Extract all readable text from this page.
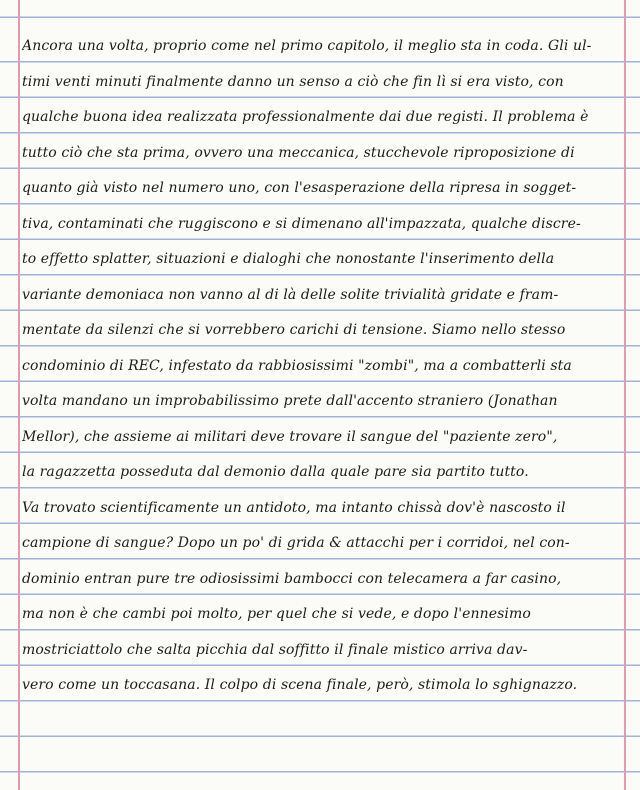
Ancora una volta, proprio come nel primo capitolo, il meglio sta in coda. Gli ul-
timi venti minuti finalmente danno un senso a ciò che fin lì si era visto, con
qualche buona idea realizzata professionalmente dai due registi. Il problema è
tutto ciò che sta prima, ovvero una meccanica, stucchevole riproposizione di
quanto già visto nel numero uno, con l'esasperazione della ripresa in sogget-
tiva, contaminati che ruggiscono e si dimenano all'impazzata, qualche discre-
to effetto splatter, situazioni e dialoghi che nonostante l'inserimento della
variante demoniaca non vanno al di là delle solite trivialità gridate e fram-
mentate da silenzi che si vorrebbero carichi di tensione. Siamo nello stesso
condominio di REC, infestato da rabbiosissimi "zombi", ma a combatterli sta
volta mandano un improbabilissimo prete dall'accento straniero (Jonathan
Mellor), che assieme ai militari deve trovare il sangue del "paziente zero",
la ragazzetta posseduta dal demonio dalla quale pare sia partito tutto.
Va trovato scientificamente un antidoto, ma intanto chissà dov'è nascosto il
campione di sangue? Dopo un po' di grida & attacchi per i corridoi, nel con-
dominio entran pure tre odiosissimi bambocci con telecamera a far casino,
ma non è che cambi poi molto, per quel che si vede, e dopo l'ennesimo
mostriciattolo che salta picchia dal soffitto il finale mistico arriva dav-
vero come un toccasana. Il colpo di scena finale, però, stimola lo sghignazzo.
